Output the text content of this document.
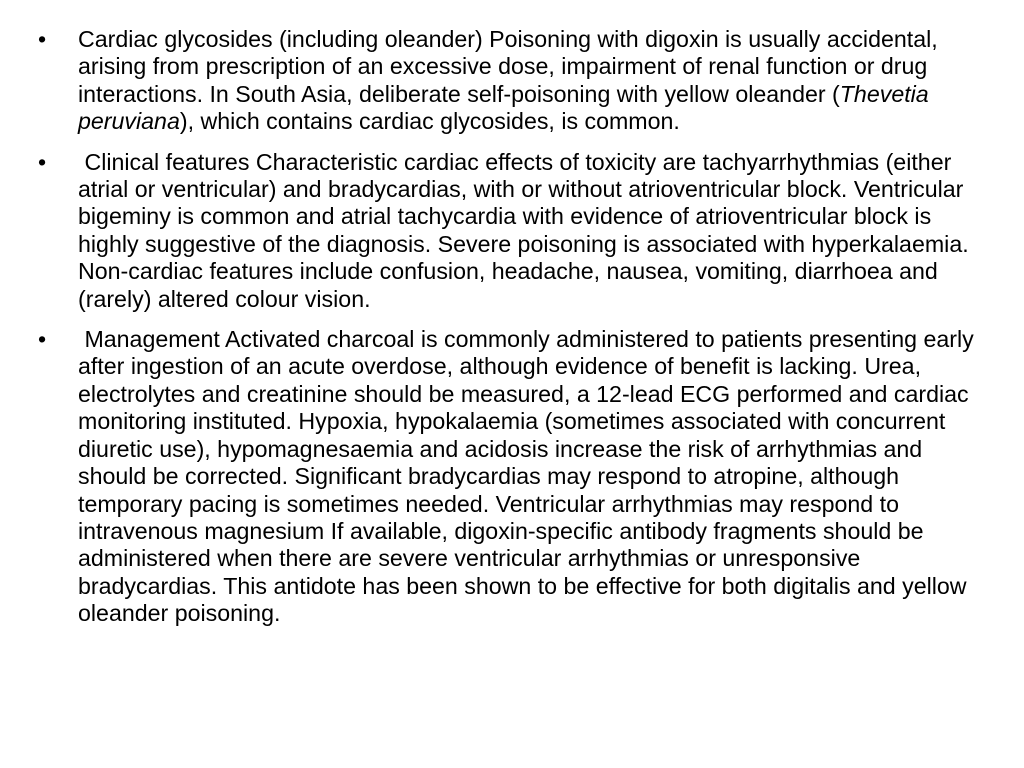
• Cardiac glycosides (including oleander) Poisoning with digoxin is usually accidental, arising from prescription of an excessive dose, impairment of renal function or drug interactions. In South Asia, deliberate self-poisoning with yellow oleander (Thevetia peruviana), which contains cardiac glycosides, is common.
• Clinical features Characteristic cardiac effects of toxicity are tachyarrhythmias (either atrial or ventricular) and bradycardias, with or without atrioventricular block. Ventricular bigeminy is common and atrial tachycardia with evidence of atrioventricular block is highly suggestive of the diagnosis. Severe poisoning is associated with hyperkalaemia. Non-cardiac features include confusion, headache, nausea, vomiting, diarrhoea and (rarely) altered colour vision.
• Management Activated charcoal is commonly administered to patients presenting early after ingestion of an acute overdose, although evidence of benefit is lacking. Urea, electrolytes and creatinine should be measured, a 12-lead ECG performed and cardiac monitoring instituted. Hypoxia, hypokalaemia (sometimes associated with concurrent diuretic use), hypomagnesaemia and acidosis increase the risk of arrhythmias and should be corrected. Significant bradycardias may respond to atropine, although temporary pacing is sometimes needed. Ventricular arrhythmias may respond to intravenous magnesium If available, digoxin-specific antibody fragments should be administered when there are severe ventricular arrhythmias or unresponsive bradycardias. This antidote has been shown to be effective for both digitalis and yellow oleander poisoning.
